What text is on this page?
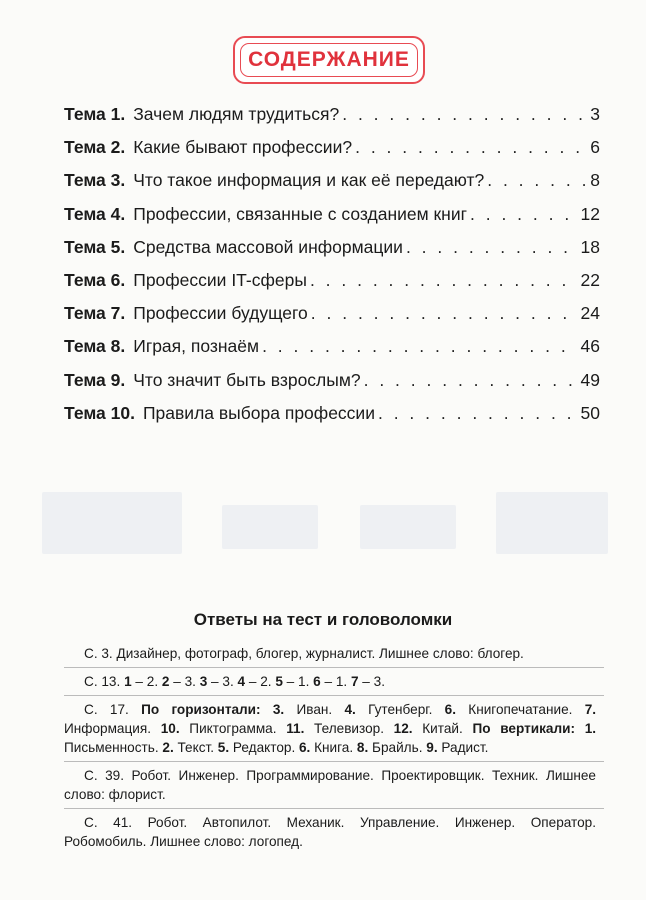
СОДЕРЖАНИЕ
Тема 1. Зачем людям трудиться? . . .	3
Тема 2. Какие бывают профессии? . . .	6
Тема 3. Что такое информация и как её передают? . . .	8
Тема 4. Профессии, связанные с созданием книг . . .	12
Тема 5. Средства массовой информации . . .	18
Тема 6. Профессии IT-сферы . . .	22
Тема 7. Профессии будущего . . .	24
Тема 8. Играя, познаём . . .	46
Тема 9. Что значит быть взрослым? . . .	49
Тема 10. Правила выбора профессии . . .	50
Ответы на тест и головоломки

С. 3. Дизайнер, фотограф, блогер, журналист. Лишнее слово: блогер.

С. 13. 1 – 2. 2 – 3. 3 – 3. 4 – 2. 5 – 1. 6 – 1. 7 – 3.

С. 17. По горизонтали: 3. Иван. 4. Гутенберг. 6. Книгопечатание. 7. Информация. 10. Пиктограмма. 11. Телевизор. 12. Китай. По вертикали: 1. Письменность. 2. Текст. 5. Редактор. 6. Книга. 8. Брайль. 9. Радист.

С. 39. Робот. Инженер. Программирование. Проектировщик. Техник. Лишнее слово: флорист.

С. 41. Робот. Автопилот. Механик. Управление. Инженер. Оператор. Робомобиль. Лишнее слово: логопед.
